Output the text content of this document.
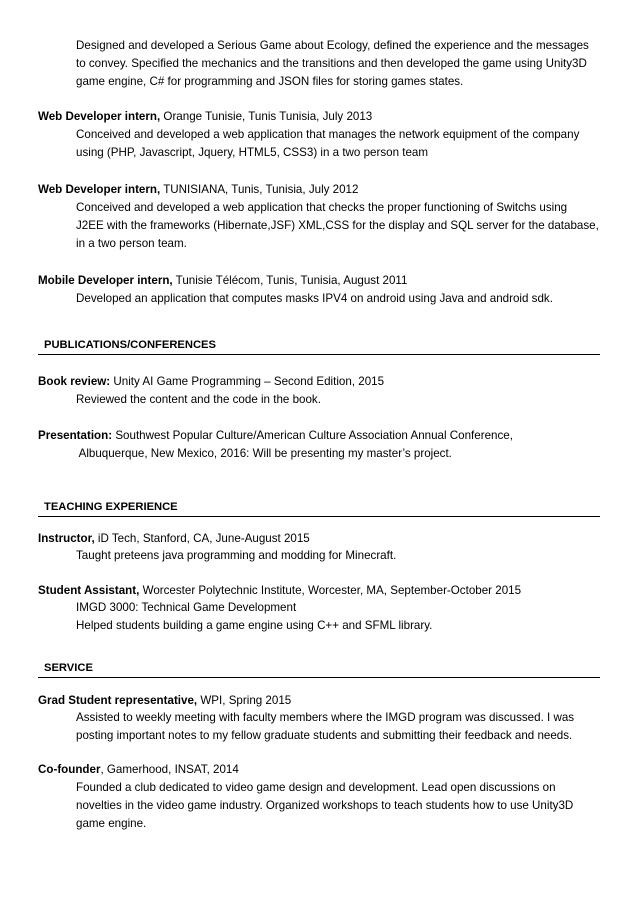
Designed and developed a Serious Game about Ecology, defined the experience and the messages
to convey. Specified the mechanics and the transitions and then developed the game using Unity3D
game engine, C# for programming and JSON files for storing games states.
Web Developer intern, Orange Tunisie, Tunis Tunisia, July 2013
Conceived and developed a web application that manages the network equipment of the company
using (PHP, Javascript, Jquery, HTML5, CSS3) in a two person team
Web Developer intern, TUNISIANA, Tunis, Tunisia, July 2012
Conceived and developed a web application that checks the proper functioning of Switchs using
J2EE with the frameworks (Hibernate,JSF) XML,CSS for the display and SQL server for the database,
in a two person team.
Mobile Developer intern, Tunisie Télécom, Tunis, Tunisia, August 2011
Developed an application that computes masks IPV4 on android using Java and android sdk.
PUBLICATIONS/CONFERENCES
Book review: Unity AI Game Programming – Second Edition, 2015
Reviewed the content and the code in the book.
Presentation: Southwest Popular Culture/American Culture Association Annual Conference,
Albuquerque, New Mexico, 2016: Will be presenting my master’s project.
TEACHING EXPERIENCE
Instructor, iD Tech, Stanford, CA, June-August 2015
Taught preteens java programming and modding for Minecraft.
Student Assistant, Worcester Polytechnic Institute, Worcester, MA, September-October 2015
IMGD 3000: Technical Game Development
Helped students building a game engine using C++ and SFML library.
SERVICE
Grad Student representative, WPI, Spring 2015
Assisted to weekly meeting with faculty members where the IMGD program was discussed. I was
posting important notes to my fellow graduate students and submitting their feedback and needs.
Co-founder, Gamerhood, INSAT, 2014
Founded a club dedicated to video game design and development. Lead open discussions on
novelties in the video game industry. Organized workshops to teach students how to use Unity3D
game engine.
